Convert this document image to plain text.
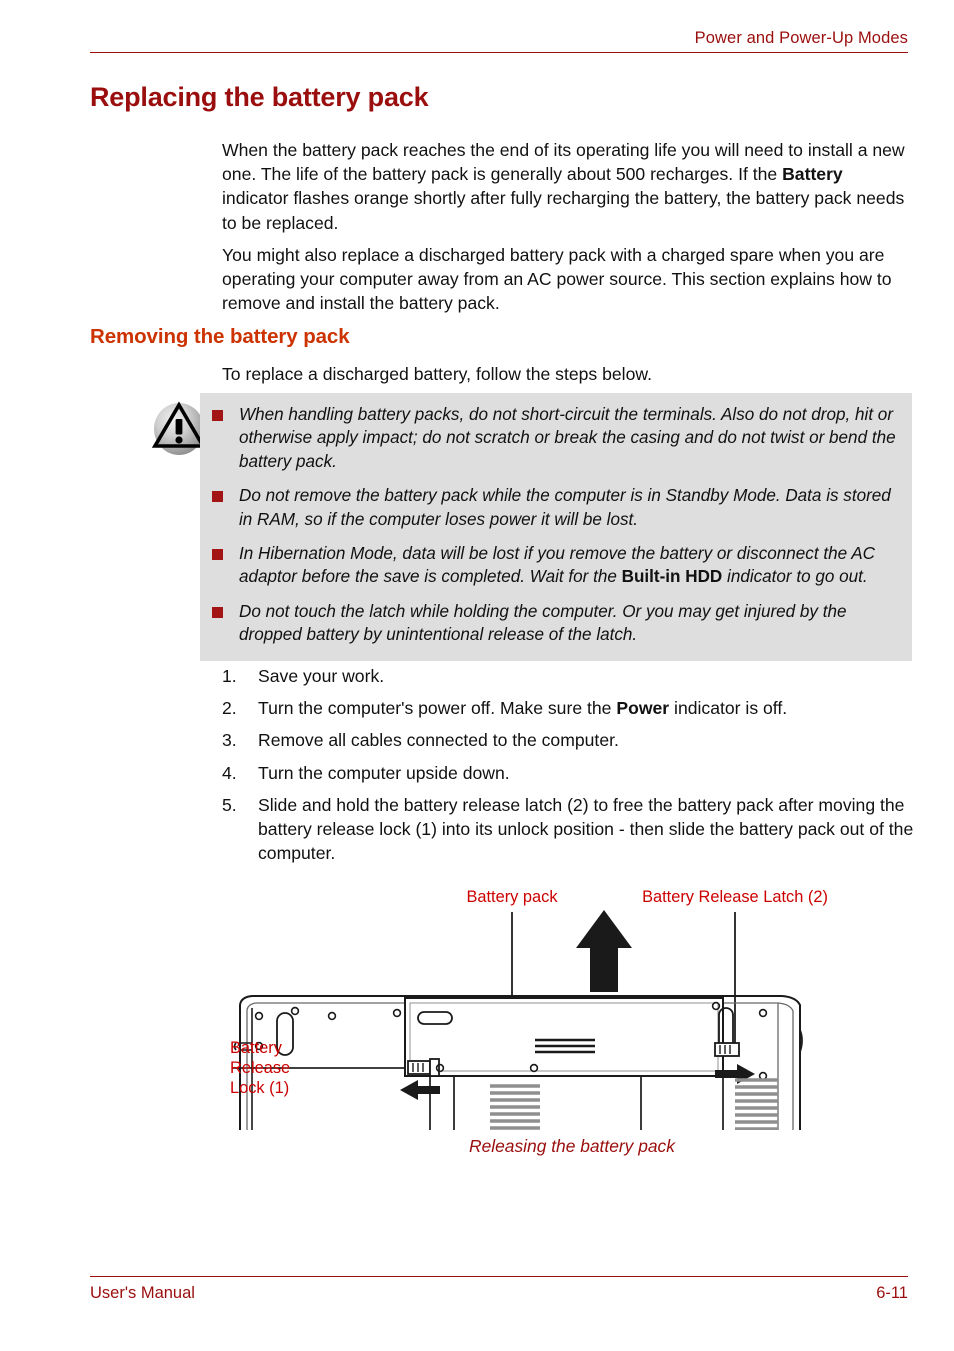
Power and Power-Up Modes
Replacing the battery pack

When the battery pack reaches the end of its operating life you will need to install a new one. The life of the battery pack is generally about 500 recharges. If the Battery indicator flashes orange shortly after fully recharging the battery, the battery pack needs to be replaced.

You might also replace a discharged battery pack with a charged spare when you are operating your computer away from an AC power source. This section explains how to remove and install the battery pack.

Removing the battery pack

To replace a discharged battery, follow the steps below.

When handling battery packs, do not short-circuit the terminals. Also do not drop, hit or otherwise apply impact; do not scratch or break the casing and do not twist or bend the battery pack.
Do not remove the battery pack while the computer is in Standby Mode. Data is stored in RAM, so if the computer loses power it will be lost.
In Hibernation Mode, data will be lost if you remove the battery or disconnect the AC adaptor before the save is completed. Wait for the Built-in HDD indicator to go out.
Do not touch the latch while holding the computer. Or you may get injured by the dropped battery by unintentional release of the latch.
1.	Save your work.
2.	Turn the computer's power off. Make sure the Power indicator is off.
3.	Remove all cables connected to the computer.
4.	Turn the computer upside down.
5.	Slide and hold the battery release latch (2) to free the battery pack after moving the battery release lock (1) into its unlock position - then slide the battery pack out of the computer.
Battery pack	Battery Release Latch (2)
Battery
Release
Lock (1)
Releasing the battery pack
User's Manual	6-11
